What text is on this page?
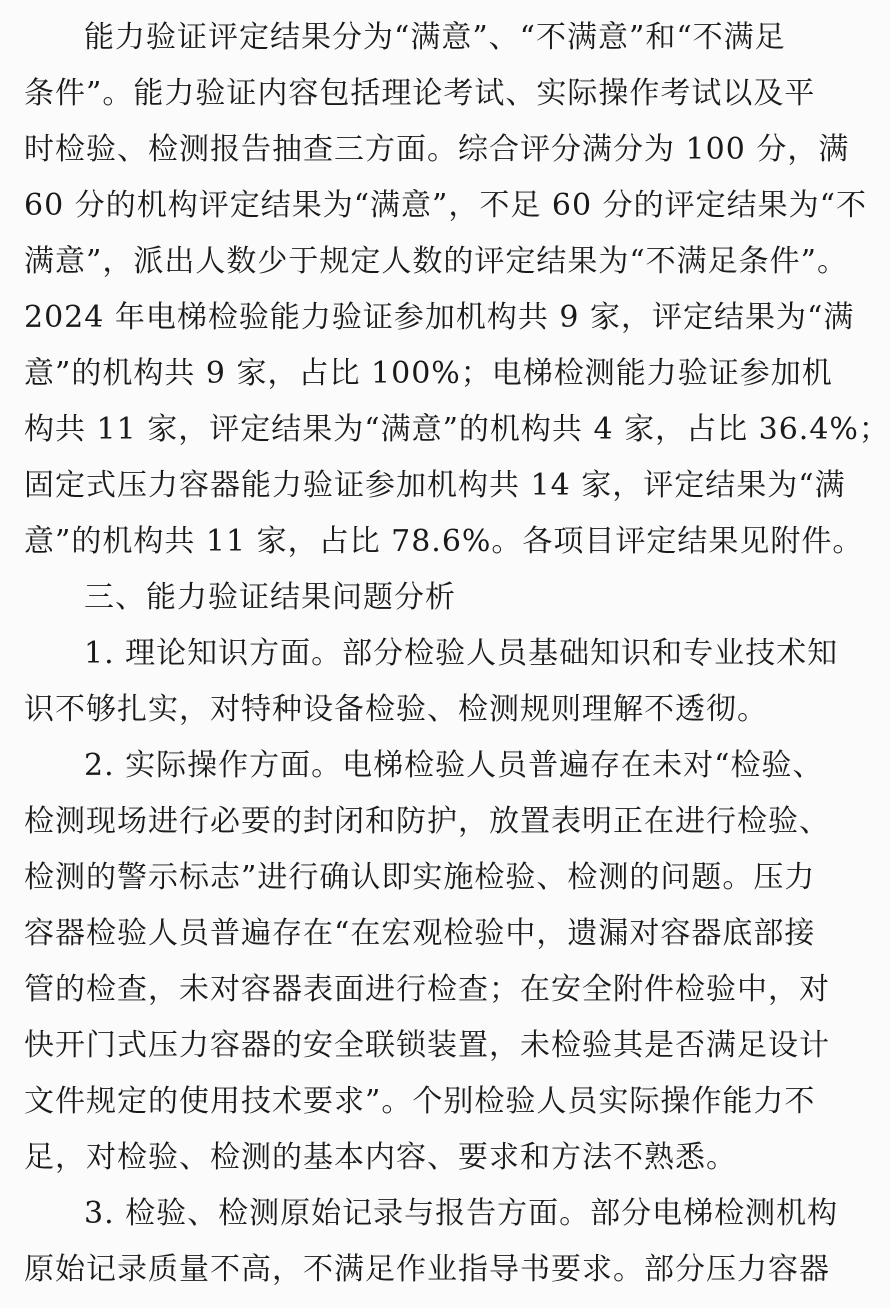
能力验证评定结果分为“满意”、“不满意”和“不满足
条件”。能力验证内容包括理论考试、实际操作考试以及平
时检验、检测报告抽查三方面。综合评分满分为 100 分，满
60 分的机构评定结果为“满意”，不足 60 分的评定结果为“不
满意”，派出人数少于规定人数的评定结果为“不满足条件”。
2024 年电梯检验能力验证参加机构共 9 家，评定结果为“满
意”的机构共 9 家，占比 100%；电梯检测能力验证参加机
构共 11 家，评定结果为“满意”的机构共 4 家，占比 36.4%；
固定式压力容器能力验证参加机构共 14 家，评定结果为“满
意”的机构共 11 家，占比 78.6%。各项目评定结果见附件。
三、能力验证结果问题分析
1. 理论知识方面。部分检验人员基础知识和专业技术知
识不够扎实，对特种设备检验、检测规则理解不透彻。
2. 实际操作方面。电梯检验人员普遍存在未对“检验、
检测现场进行必要的封闭和防护，放置表明正在进行检验、
检测的警示标志”进行确认即实施检验、检测的问题。压力
容器检验人员普遍存在“在宏观检验中，遗漏对容器底部接
管的检查，未对容器表面进行检查；在安全附件检验中，对
快开门式压力容器的安全联锁装置，未检验其是否满足设计
文件规定的使用技术要求”。个别检验人员实际操作能力不
足，对检验、检测的基本内容、要求和方法不熟悉。
3. 检验、检测原始记录与报告方面。部分电梯检测机构
原始记录质量不高，不满足作业指导书要求。部分压力容器
